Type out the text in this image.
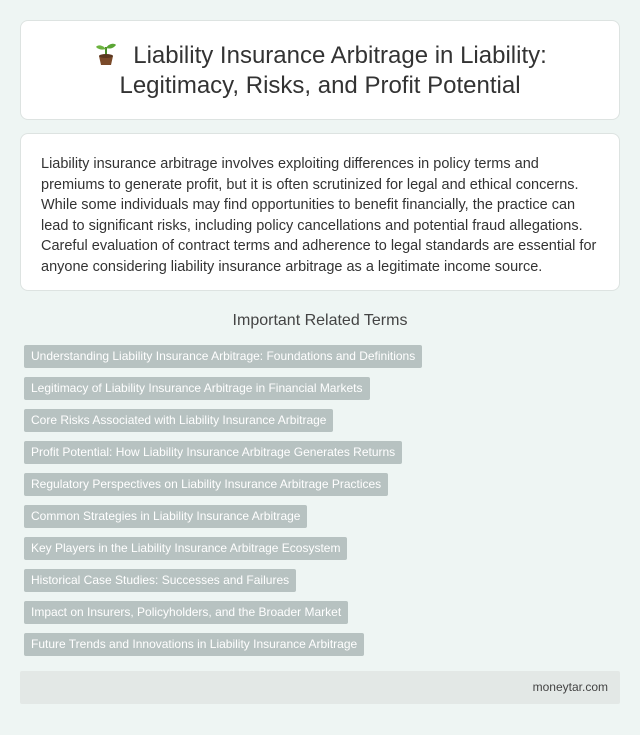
Liability Insurance Arbitrage in Liability: Legitimacy, Risks, and Profit Potential

Liability insurance arbitrage involves exploiting differences in policy terms and premiums to generate profit, but it is often scrutinized for legal and ethical concerns. While some individuals may find opportunities to benefit financially, the practice can lead to significant risks, including policy cancellations and potential fraud allegations. Careful evaluation of contract terms and adherence to legal standards are essential for anyone considering liability insurance arbitrage as a legitimate income source.

Important Related Terms
Understanding Liability Insurance Arbitrage: Foundations and Definitions
Legitimacy of Liability Insurance Arbitrage in Financial Markets
Core Risks Associated with Liability Insurance Arbitrage
Profit Potential: How Liability Insurance Arbitrage Generates Returns
Regulatory Perspectives on Liability Insurance Arbitrage Practices
Common Strategies in Liability Insurance Arbitrage
Key Players in the Liability Insurance Arbitrage Ecosystem
Historical Case Studies: Successes and Failures
Impact on Insurers, Policyholders, and the Broader Market
Future Trends and Innovations in Liability Insurance Arbitrage
moneytar.com
